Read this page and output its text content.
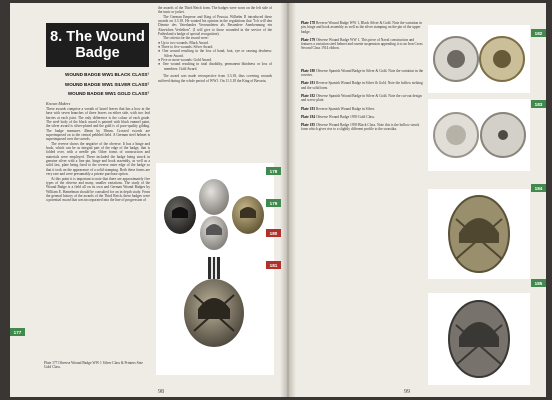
8. The Wound
Badge
WOUND BADGE WW1 BLACK CLASS¹
WOUND BADGE WW1 SILVER CLASS²
WOUND BADGE WW1 GOLD CLASS³
Known Makers

These awards comprise a wreath of laurel leaves that has a bow at the base with seven branches of three leaves on either side, with two leaf berries at each joint. The only difference is the colour of each grade. The steel body of the black award is painted with black enamel paint, the silver award is silver-plated and the gold is of poor-quality gilding. The badge measures 45mm by 38mm. Crossed swords are superimposed on to the central pebbled field. A German steel helmet is superimposed over the swords.

The reverse shows the negative of the obverse. It has a hinge and hook, which can be as integral part of the edge of the badge, that is folded over, with a needle pin. Other forms of construction and materials were employed. These included the badge being struck in genuine silver with a fine pin, hinge and hook assembly, as well as a solid fast, plate being fixed to the reverse outer edge of the badge so that it took on the appearance of a solid stamping. Both these forms are very rare and were presumably a private purchase option.

At this point it is important to note that there are approximately five types of the obverse and many, smaller variations. The study of the Wound Badge is a field all on its own and German Wound Badges by William E. Hamelman should be consulted for an in depth study. From the general history of the awards of the Third Reich, these badges were a potential award that was incorporated into the line of progression of

the awards of the Third Reich form. The badges were worn on the left side of the tunic or jacket.

The German Emperor and King of Prussia, Wilhelm II introduced these awards on 3.3.18. He wanted his opinion in the regulations that "Ich will den Dienste des Vaterlandes Verwundeten als Besondere Anerkennung ein Abzeichen Verleihen". (I will give to those wounded in the service of the Fatherland a badge of special recognition).

The criteria for the award were:

● Up to two wounds: Black Award.

● Three to five wounds: Silver Award.

● One wound resulting in the loss of hand, foot, eye or causing deafness: Silver Award.

● Five or more wounds: Gold Award.

● One wound resulting in total disability, permanent blindness or loss of members: Gold Award.

The award was made retrospective from 3.3.18, thus covering wounds suffered during the whole period of WW1. On 11.3.18 the King of Bavaria,

177
178
179
180
181
Plate 177 Obverse Wound Badge WW 1 Silver Class & Printers Size Gold Class.
98
Plate 178 Reverse Wound Badge WW 1, Black Silver & Gold. Note the variation in pin, hinge and hook assembly as well as the silver stamping on the pin of the upper badge.
Plate 179 Obverse Wound Badge WW 1. This piece of Naval construction and features a variation steel helmet and rosette suspension appending it to an Iron Cross Second Class 1914 ribbon.
Plate 180 Obverse Spanish Wound Badge in Silver & Gold. Note the variation in the rosettes.
Plate 181 Reverse Spanish Wound Badge in Silver & Gold. Note the hollow striking and the solid form.
Plate 182 Obverse Spanish Wound Badge in Silver & Gold. Note the cut-out design and screw plate.
Plate 183 Reverse Spanish Wound Badge in Silver.
Plate 184 Obverse Wound Badge 1939 Gold Class.
Plate 185 Obverse Wound Badge 1939 Black Class. Note this is the hollow struck form which gives rise to a slightly different profile to the swastika.
182
183
184
185
99
